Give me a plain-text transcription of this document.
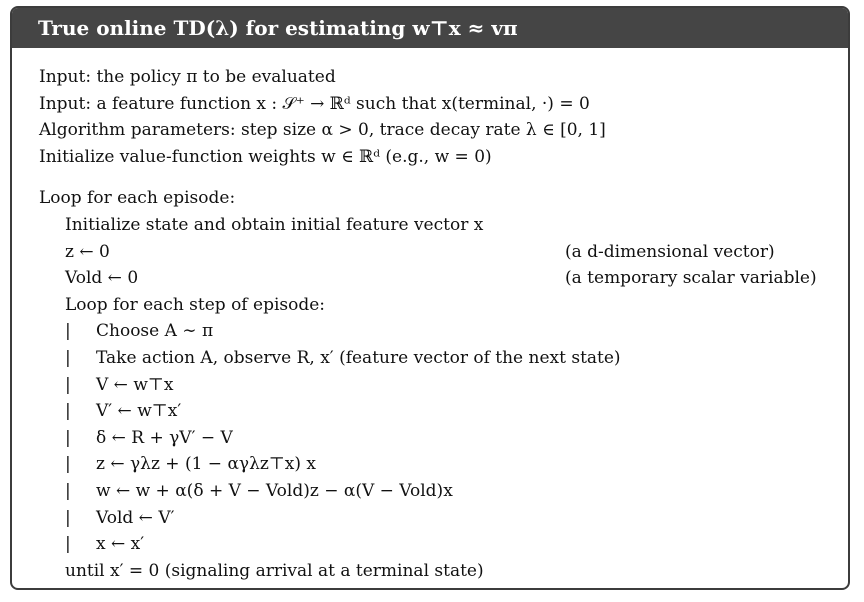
True online TD(λ) for estimating w⊤x ≈ vπ
Input: the policy π to be evaluated
Input: a feature function x : 𝒮⁺ → ℝᵈ such that x(terminal, ·) = 0
Algorithm parameters: step size α > 0, trace decay rate λ ∈ [0, 1]
Initialize value-function weights w ∈ ℝᵈ (e.g., w = 0)
Loop for each episode:
Initialize state and obtain initial feature vector x
z ← 0	(a d-dimensional vector)
Vold ← 0	(a temporary scalar variable)
Loop for each step of episode:
| Choose A ∼ π
| Take action A, observe R, x′ (feature vector of the next state)
| V ← w⊤x
| V′ ← w⊤x′
| δ ← R + γV′ − V
| z ← γλz + (1 − αγλz⊤x) x
| w ← w + α(δ + V − Vold)z − α(V − Vold)x
| Vold ← V′
| x ← x′
until x′ = 0 (signaling arrival at a terminal state)
